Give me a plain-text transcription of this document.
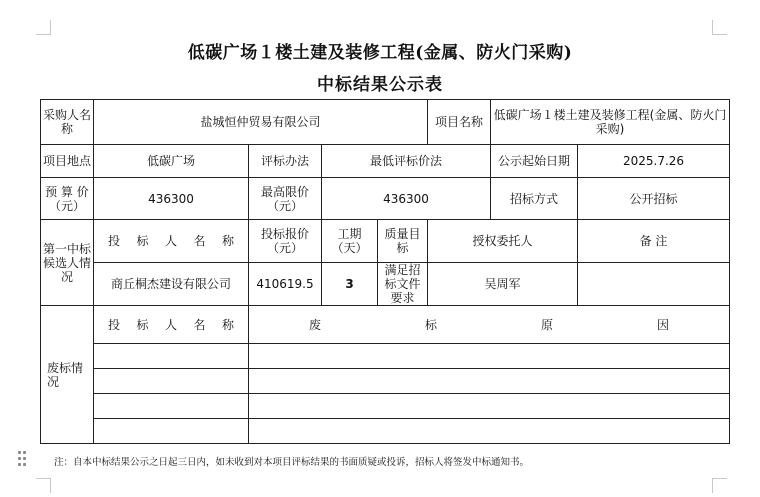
低碳广场１楼土建及装修工程(金属、防火门采购)
中标结果公示表
采购人名称	盐城恒仲贸易有限公司				项目名称	低碳广场１楼土建及装修工程(金属、防火门采购)	
项目地点	低碳广场	评标办法	最低评标价法			公示起始日期	2025.7.26
预 算 价（元）	436300	最高限价（元）	436300			招标方式	公开招标
第一中标候选人情况	投 标 人 名 称	投标报价（元）	工期（天）	质量目标	授权委托人		备 注
	商丘桐杰建设有限公司	410619.5	3	满足招标文件要求	吴周军		
废标情况	投 标 人 名 称	废 标 原 因					

注：自本中标结果公示之日起三日内，如未收到对本项目评标结果的书面质疑或投诉，招标人将签发中标通知书。
